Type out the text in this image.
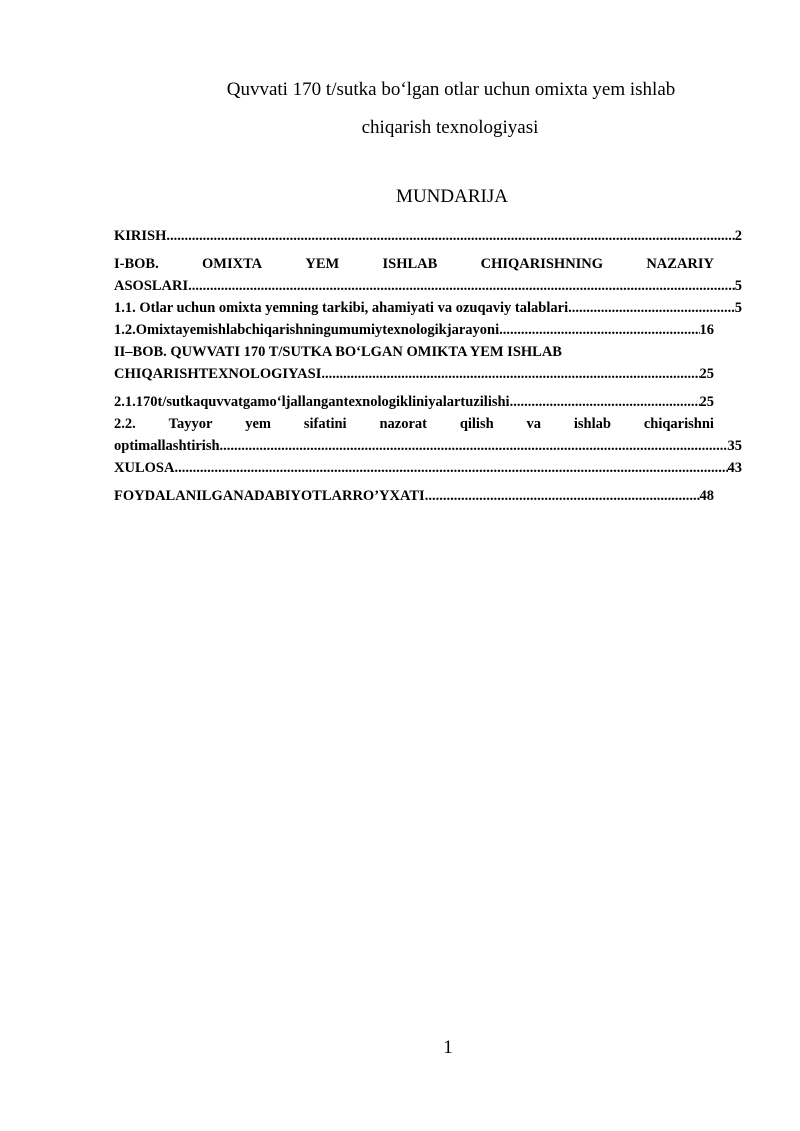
Quvvati 170 t/sutka bo‘lgan otlar uchun omixta yem ishlab
chiqarish texnologiyasi
MUNDARIJA
KIRISH .....	2
I-BOB.	OMIXTA	YEM	ISHLAB	CHIQARISHNING	NAZARIY
ASOSLARI .....	5
1.1. Otlar uchun omixta yemning tarkibi, ahamiyati va ozuqaviy talablari .....	5
1.2.Omixtayemishlabchiqarishningumumiytexnologikjarayoni .....	16
II–BOB. QUWVATI 170 T/SUTKA BO‘LGAN OMIKTA YEM ISHLAB
CHIQARISHTEXNOLOGIYASI .....	25
2.1.170t/sutkaquvvatgamo‘ljallangantexnologikliniyalartuzilishi .....	25
2.2. Tayyor yem sifatini nazorat qilish va ishlab chiqarishni
optimallashtirish .....	35
XULOSA .....	43
FOYDALANILGANADABIYOTLARRO’YXATI .....	48
1
